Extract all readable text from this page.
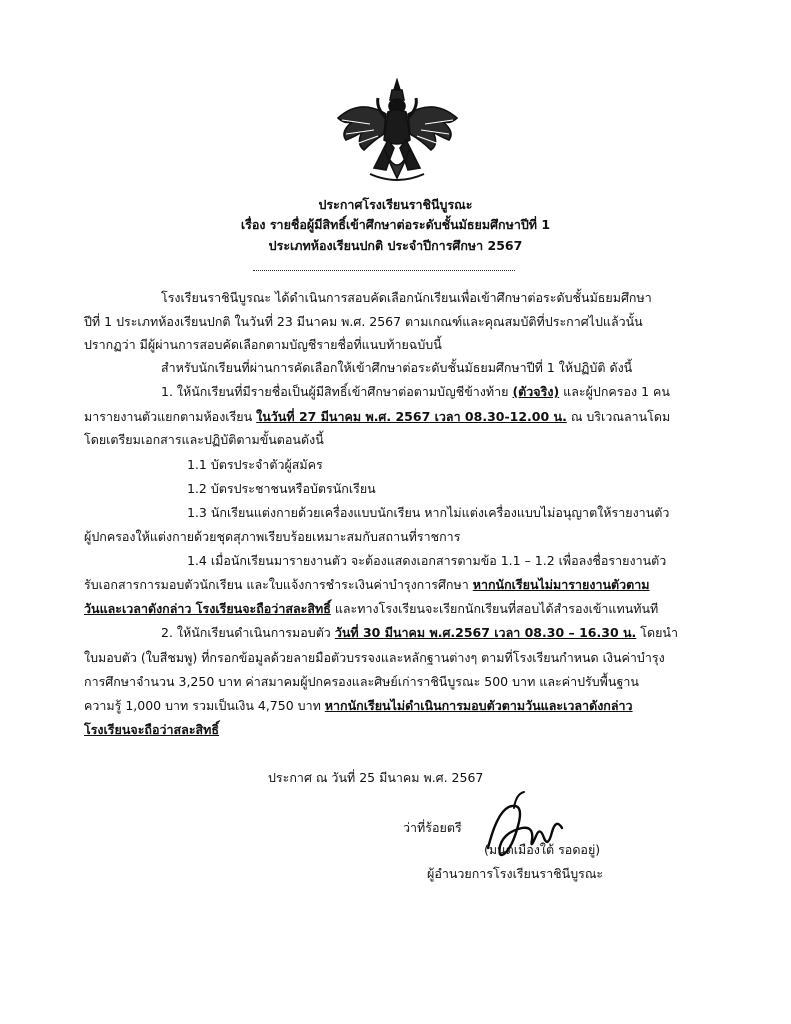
ประกาศโรงเรียนราชินีบูรณะ
เรื่อง รายชื่อผู้มีสิทธิ์เข้าศึกษาต่อระดับชั้นมัธยมศึกษาปีที่ 1
ประเภทห้องเรียนปกติ ประจำปีการศึกษา 2567
โรงเรียนราชินีบูรณะ ได้ดำเนินการสอบคัดเลือกนักเรียนเพื่อเข้าศึกษาต่อระดับชั้นมัธยมศึกษา
ปีที่ 1 ประเภทห้องเรียนปกติ ในวันที่ 23 มีนาคม พ.ศ. 2567 ตามเกณฑ์และคุณสมบัติที่ประกาศไปแล้วนั้น
ปรากฏว่า มีผู้ผ่านการสอบคัดเลือกตามบัญชีรายชื่อที่แนบท้ายฉบับนี้
สำหรับนักเรียนที่ผ่านการคัดเลือกให้เข้าศึกษาต่อระดับชั้นมัธยมศึกษาปีที่ 1 ให้ปฏิบัติ ดังนี้
1. ให้นักเรียนที่มีรายชื่อเป็นผู้มีสิทธิ์เข้าศึกษาต่อตามบัญชีข้างท้าย (ตัวจริง) และผู้ปกครอง 1 คน
มารายงานตัวแยกตามห้องเรียน ในวันที่ 27 มีนาคม พ.ศ. 2567 เวลา 08.30-12.00 น. ณ บริเวณลานโดม
โดยเตรียมเอกสารและปฏิบัติตามขั้นตอนดังนี้
1.1 บัตรประจำตัวผู้สมัคร
1.2 บัตรประชาชนหรือบัตรนักเรียน
1.3 นักเรียนแต่งกายด้วยเครื่องแบบนักเรียน หากไม่แต่งเครื่องแบบไม่อนุญาตให้รายงานตัว
ผู้ปกครองให้แต่งกายด้วยชุดสุภาพเรียบร้อยเหมาะสมกับสถานที่ราชการ
1.4 เมื่อนักเรียนมารายงานตัว จะต้องแสดงเอกสารตามข้อ 1.1 – 1.2 เพื่อลงชื่อรายงานตัว
รับเอกสารการมอบตัวนักเรียน และใบแจ้งการชำระเงินค่าบำรุงการศึกษา หากนักเรียนไม่มารายงานตัวตาม
วันและเวลาดังกล่าว โรงเรียนจะถือว่าสละสิทธิ์ และทางโรงเรียนจะเรียกนักเรียนที่สอบได้สำรองเข้าแทนทันที
2. ให้นักเรียนดำเนินการมอบตัว วันที่ 30 มีนาคม พ.ศ.2567 เวลา 08.30 – 16.30 น. โดยนำ
ใบมอบตัว (ใบสีชมพู) ที่กรอกข้อมูลด้วยลายมือตัวบรรจงและหลักฐานต่างๆ ตามที่โรงเรียนกำหนด เงินค่าบำรุง
การศึกษาจำนวน 3,250 บาท ค่าสมาคมผู้ปกครองและศิษย์เก่าราชินีบูรณะ 500 บาท และค่าปรับพื้นฐาน
ความรู้ 1,000 บาท รวมเป็นเงิน 4,750 บาท หากนักเรียนไม่ดำเนินการมอบตัวตามวันและเวลาดังกล่าว
โรงเรียนจะถือว่าสละสิทธิ์
ประกาศ ณ วันที่ 25 มีนาคม พ.ศ. 2567
ว่าที่ร้อยตรี
(มนต์เมืองใต้ รอดอยู่)
ผู้อำนวยการโรงเรียนราชินีบูรณะ
